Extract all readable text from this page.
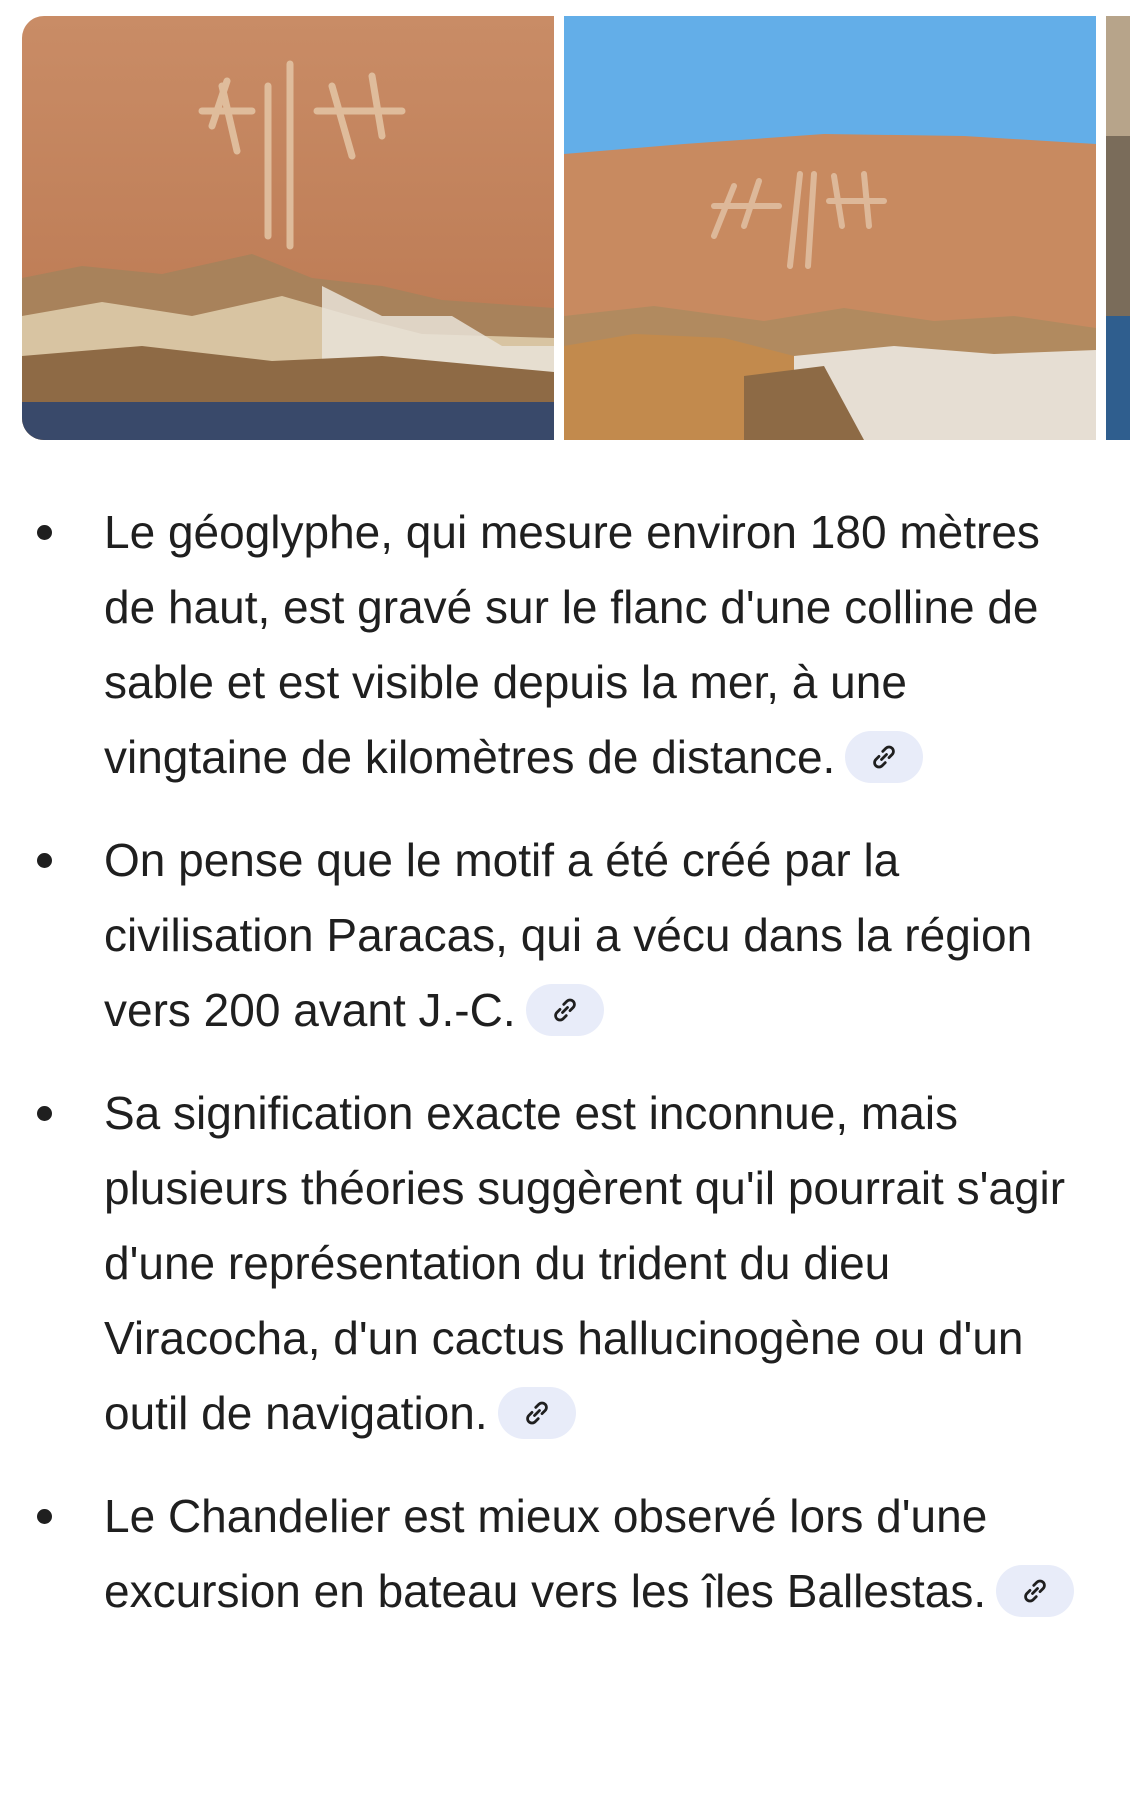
Le géoglyphe, qui mesure environ 180 mètres de haut, est gravé sur le flanc d'une colline de sable et est visible depuis la mer, à une vingtaine de kilomètres de distance.
On pense que le motif a été créé par la civilisation Paracas, qui a vécu dans la région vers 200 avant J.-C.
Sa signification exacte est inconnue, mais plusieurs théories suggèrent qu'il pourrait s'agir d'une représentation du trident du dieu Viracocha, d'un cactus hallucinogène ou d'un outil de navigation.
Le Chandelier est mieux observé lors d'une excursion en bateau vers les îles Ballestas.
